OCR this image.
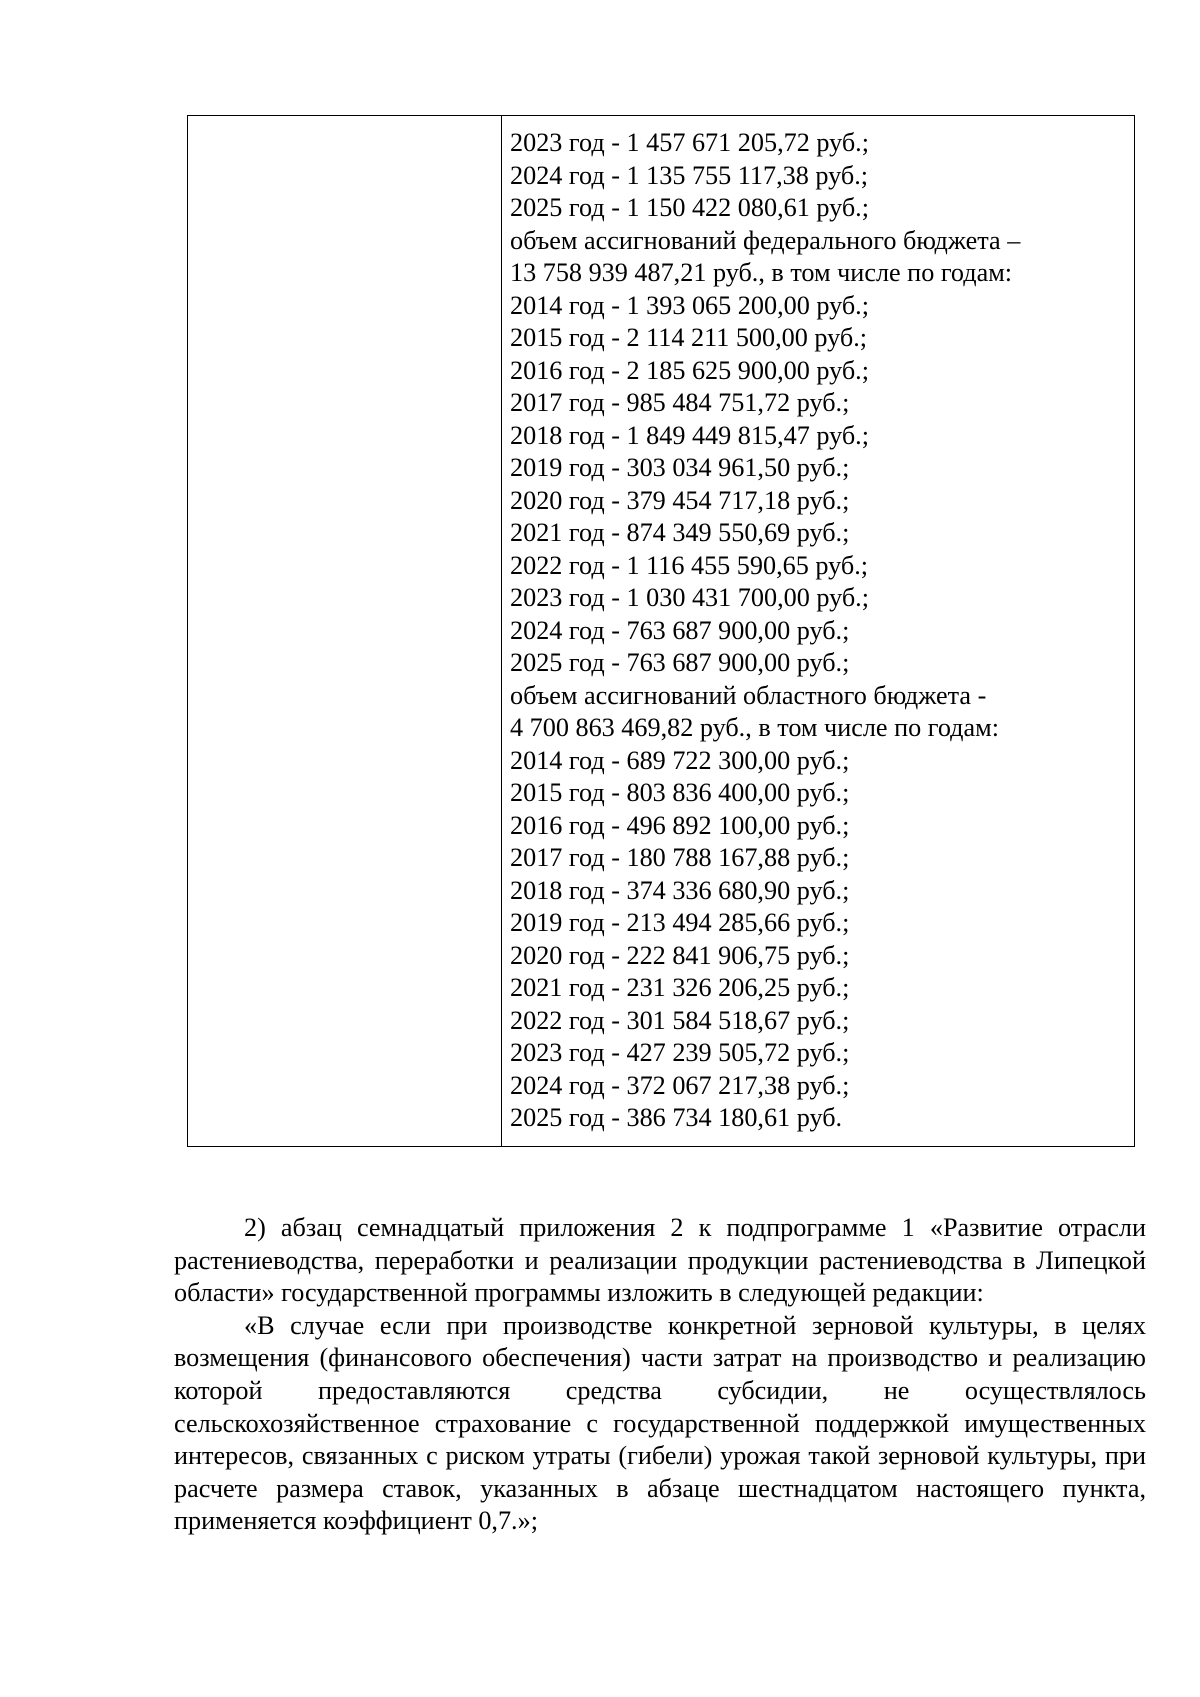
2023 год - 1 457 671 205,72 руб.;
2024 год - 1 135 755 117,38 руб.;
2025 год - 1 150 422 080,61 руб.;
объем ассигнований федерального бюджета –
13 758 939 487,21 руб., в том числе по годам:
2014 год - 1 393 065 200,00 руб.;
2015 год - 2 114 211 500,00 руб.;
2016 год - 2 185 625 900,00 руб.;
2017 год - 985 484 751,72 руб.;
2018 год - 1 849 449 815,47 руб.;
2019 год - 303 034 961,50 руб.;
2020 год - 379 454 717,18 руб.;
2021 год - 874 349 550,69 руб.;
2022 год - 1 116 455 590,65 руб.;
2023 год - 1 030 431 700,00 руб.;
2024 год - 763 687 900,00 руб.;
2025 год - 763 687 900,00 руб.;
объем ассигнований областного бюджета -
4 700 863 469,82 руб., в том числе по годам:
2014 год - 689 722 300,00 руб.;
2015 год - 803 836 400,00 руб.;
2016 год - 496 892 100,00 руб.;
2017 год - 180 788 167,88 руб.;
2018 год - 374 336 680,90 руб.;
2019 год - 213 494 285,66 руб.;
2020 год - 222 841 906,75 руб.;
2021 год - 231 326 206,25 руб.;
2022 год - 301 584 518,67 руб.;
2023 год - 427 239 505,72 руб.;
2024 год - 372 067 217,38 руб.;
2025 год - 386 734 180,61 руб.

2) абзац семнадцатый приложения 2 к подпрограмме 1 «Развитие отрасли растениеводства, переработки и реализации продукции растениеводства в Липецкой области» государственной программы изложить в следующей редакции:

«В случае если при производстве конкретной зерновой культуры, в целях возмещения (финансового обеспечения) части затрат на производство и реализацию которой предоставляются средства субсидии, не осуществлялось сельскохозяйственное страхование с государственной поддержкой имущественных интересов, связанных с риском утраты (гибели) урожая такой зерновой культуры, при расчете размера ставок, указанных в абзаце шестнадцатом настоящего пункта, применяется коэффициент 0,7.»;
